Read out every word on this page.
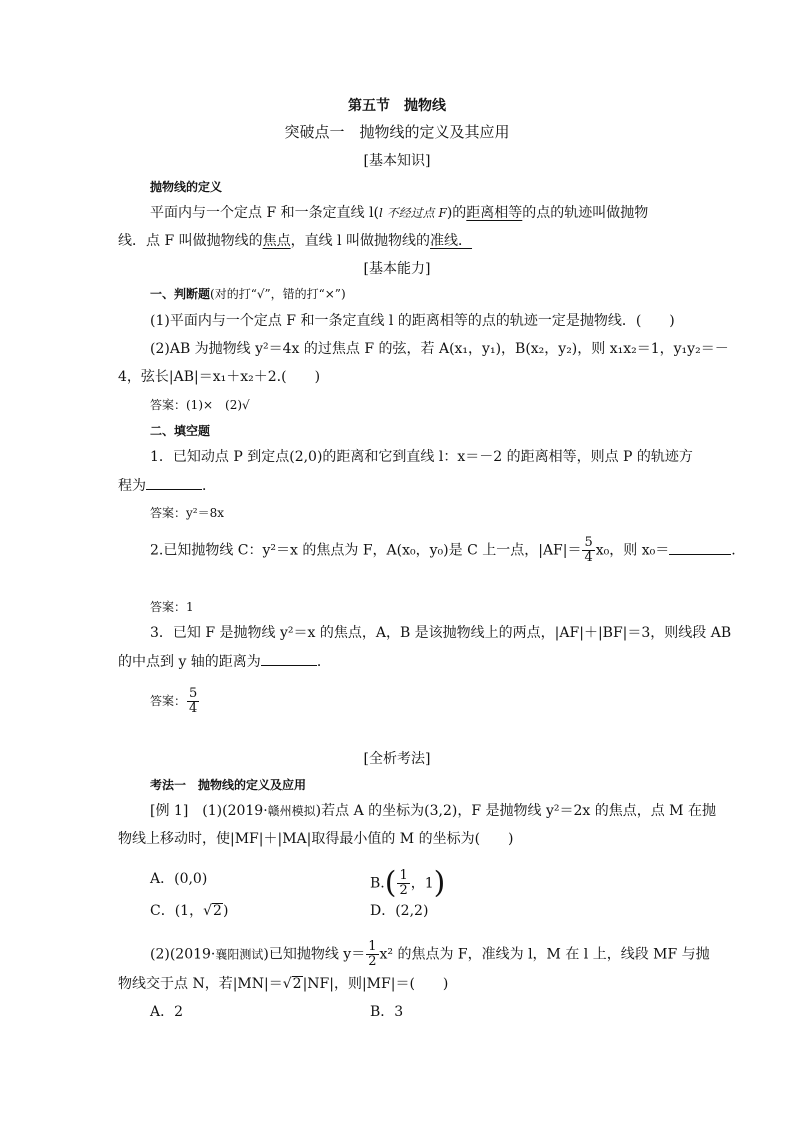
第五节　抛物线
突破点一　抛物线的定义及其应用
[基本知识]
抛物线的定义
平面内与一个定点 F 和一条定直线 l(l 不经过点 F)的距离相等的点的轨迹叫做抛物
线．点 F 叫做抛物线的焦点，直线 l 叫做抛物线的准线．
[基本能力]
一、判断题(对的打“√”，错的打“×”)
(1)平面内与一个定点 F 和一条定直线 l 的距离相等的点的轨迹一定是抛物线．(　　)
(2)AB 为抛物线 y²＝4x 的过焦点 F 的弦，若 A(x₁，y₁)，B(x₂，y₂)，则 x₁x₂＝1，y₁y₂＝－
4，弦长|AB|＝x₁＋x₂＋2.(　　)
答案：(1)×　(2)√
二、填空题
1．已知动点 P 到定点(2,0)的距离和它到直线 l：x＝－2 的距离相等，则点 P 的轨迹方
程为	．
答案：y²＝8x
2.已知抛物线 C：y²＝x 的焦点为 F，A(x₀，y₀)是 C 上一点，$|AF|= \frac{5}{4} x_0$，则 x₀＝	.
答案：1
3．已知 F 是抛物线 y²＝x 的焦点，A，B 是该抛物线上的两点，|AF|＋|BF|＝3，则线段 AB
的中点到 y 轴的距离为	．
答案： $\frac{5}{4}$
[全析考法]
考法一　抛物线的定义及应用
[例 1]　(1)(2019·赣州模拟)若点 A 的坐标为(3,2)，F 是抛物线 y²＝2x 的焦点，点 M 在抛
物线上移动时，使|MF|＋|MA|取得最小值的 M 的坐标为(　　)
A．(0,0)	$B.( \frac{1}{2}$ ，1)
C．(1，√2)	D．(2,2)
(2)(2019·襄阳测试)已知抛物线 $y= \frac{1}{2} x^2$ 的焦点为 F，准线为 l，M 在 l 上，线段 MF 与抛
物线交于点 N，若|MN|＝√2|NF|，则|MF|＝(　　)
A．2	B．3
